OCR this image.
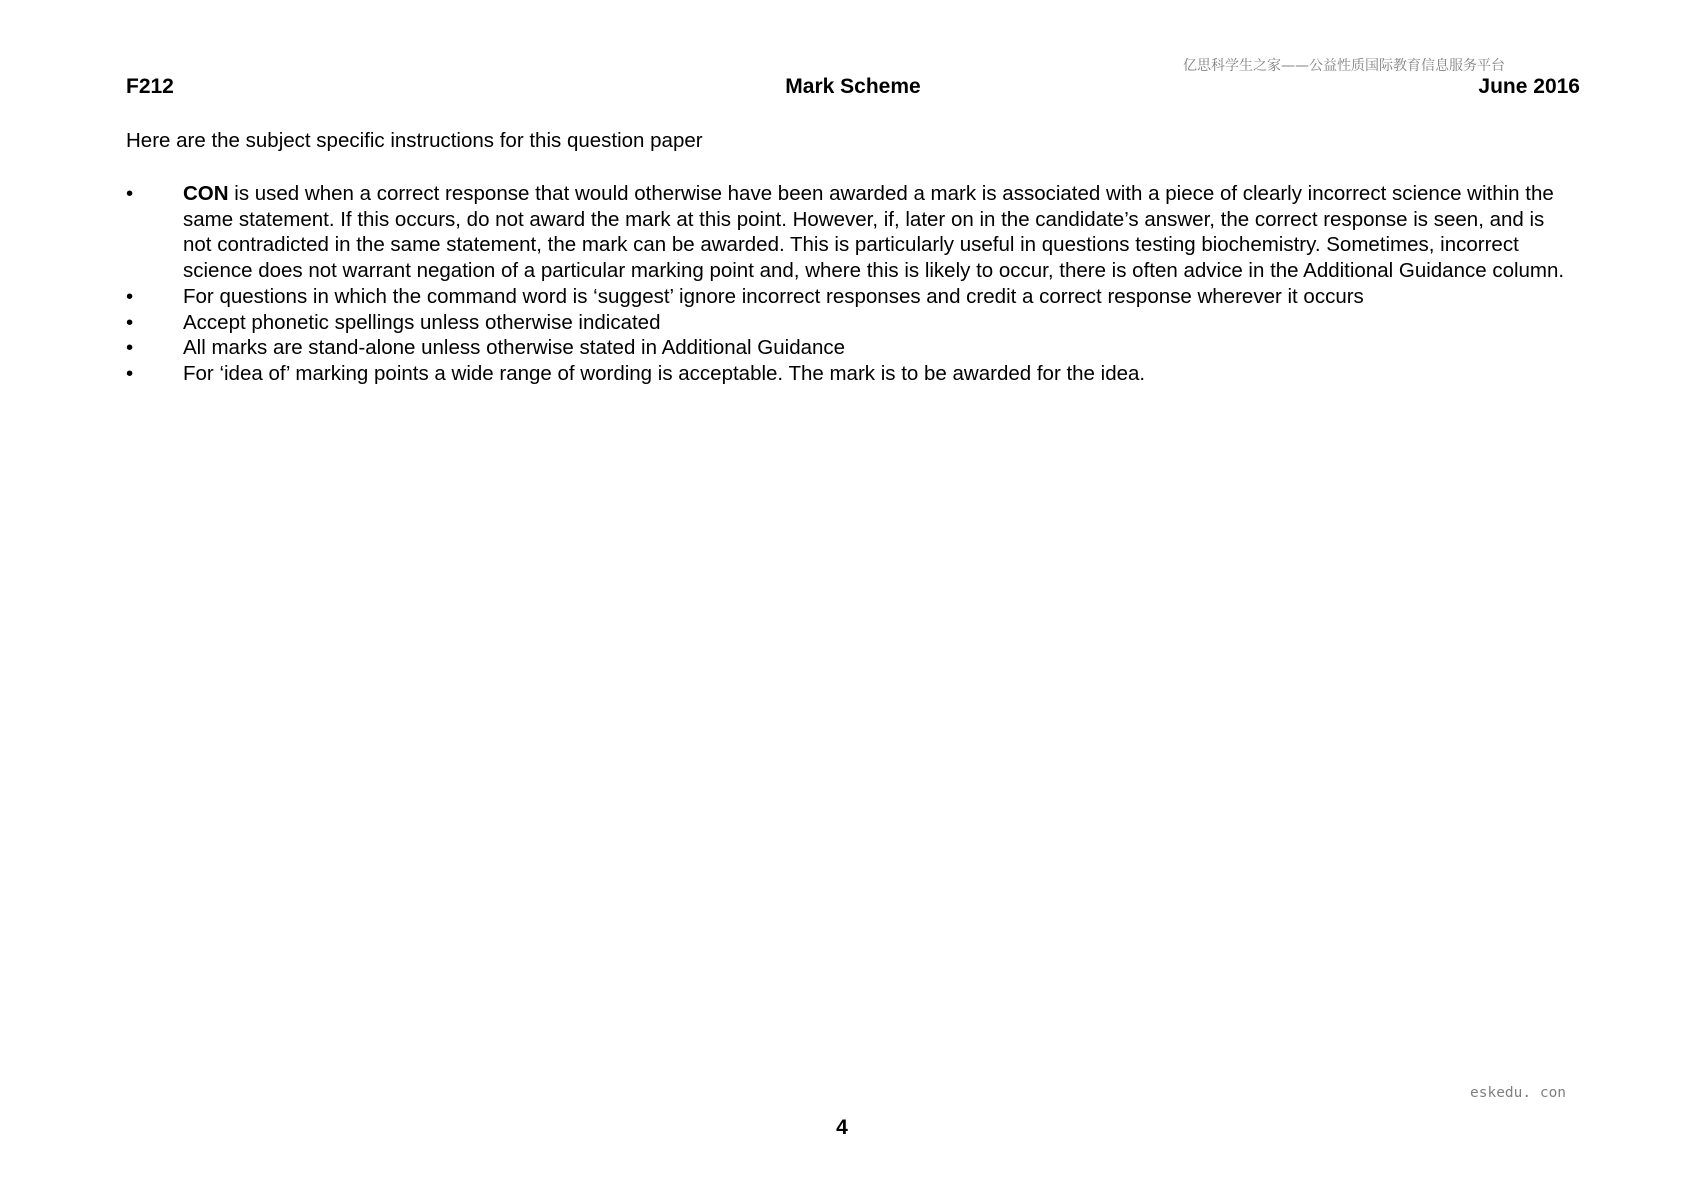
亿思科学生之家——公益性质国际教育信息服务平台
F212	Mark Scheme	June 2016
Here are the subject specific instructions for this question paper
•	CON is used when a correct response that would otherwise have been awarded a mark is associated with a piece of clearly incorrect science within the same statement. If this occurs, do not award the mark at this point. However, if, later on in the candidate’s answer, the correct response is seen, and is not contradicted in the same statement, the mark can be awarded. This is particularly useful in questions testing biochemistry. Sometimes, incorrect science does not warrant negation of a particular marking point and, where this is likely to occur, there is often advice in the Additional Guidance column.
•	For questions in which the command word is ‘suggest’ ignore incorrect responses and credit a correct response wherever it occurs
•	Accept phonetic spellings unless otherwise indicated
•	All marks are stand-alone unless otherwise stated in Additional Guidance
•	For ‘idea of’ marking points a wide range of wording is acceptable. The mark is to be awarded for the idea.
eskedu. con
4
